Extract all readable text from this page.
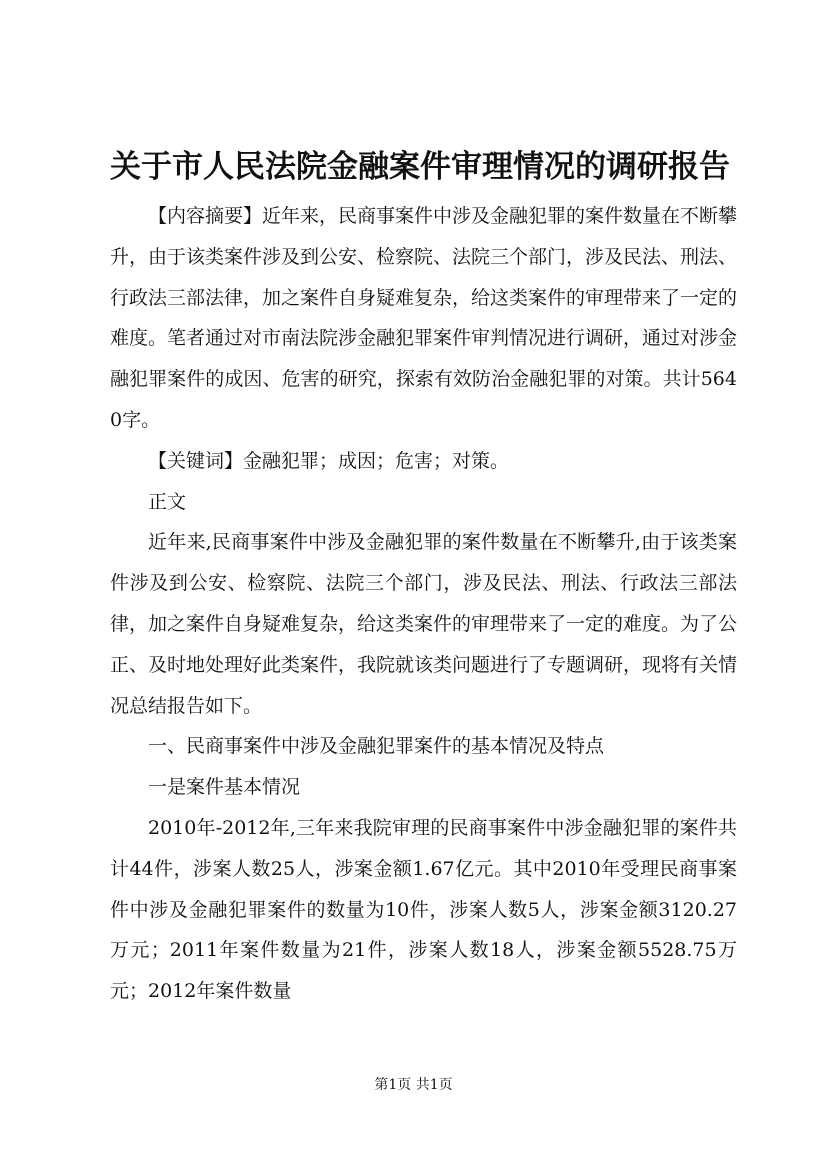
关于市人民法院金融案件审理情况的调研报告

【内容摘要】近年来，民商事案件中涉及金融犯罪的案件数量在不断攀升，由于该类案件涉及到公安、检察院、法院三个部门，涉及民法、刑法、行政法三部法律，加之案件自身疑难复杂，给这类案件的审理带来了一定的难度。笔者通过对市南法院涉金融犯罪案件审判情况进行调研，通过对涉金融犯罪案件的成因、危害的研究，探索有效防治金融犯罪的对策。共计5640字。

【关键词】金融犯罪；成因；危害；对策。

正文

近年来,民商事案件中涉及金融犯罪的案件数量在不断攀升,由于该类案件涉及到公安、检察院、法院三个部门，涉及民法、刑法、行政法三部法律，加之案件自身疑难复杂，给这类案件的审理带来了一定的难度。为了公正、及时地处理好此类案件，我院就该类问题进行了专题调研，现将有关情况总结报告如下。

一、民商事案件中涉及金融犯罪案件的基本情况及特点

一是案件基本情况

2010年-2012年,三年来我院审理的民商事案件中涉金融犯罪的案件共计44件，涉案人数25人，涉案金额1.67亿元。其中2010年受理民商事案件中涉及金融犯罪案件的数量为10件，涉案人数5人，涉案金额3120.27万元；2011年案件数量为21件，涉案人数18人，涉案金额5528.75万元；2012年案件数量

第1页 共1页
